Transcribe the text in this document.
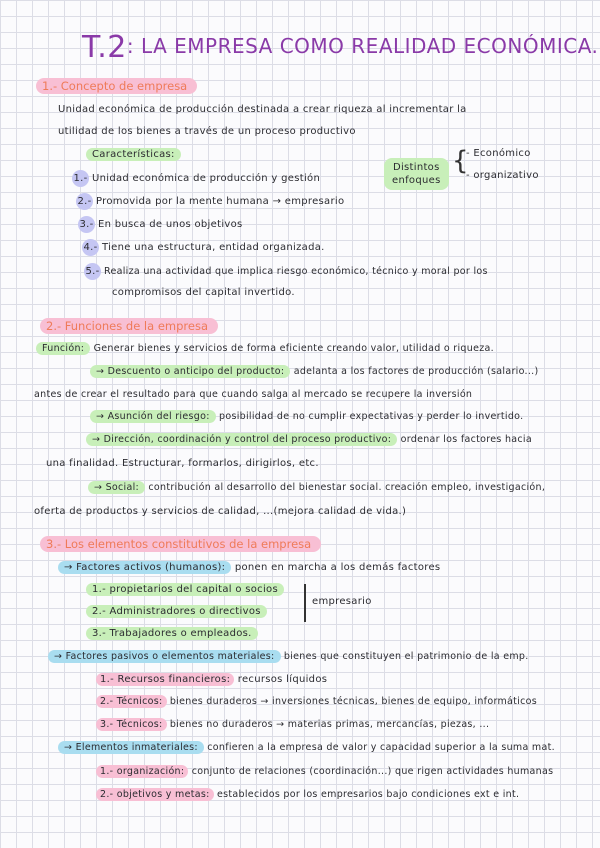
T.2: LA EMPRESA COMO REALIDAD ECONÓMICA.
1.- Concepto de empresa
Unidad económica de producción destinada a crear riqueza al incrementar la
utilidad de los bienes a través de un proceso productivo
Características:
1.- Unidad económica de producción y gestión
2.- Promovida por la mente humana → empresario
3.- En busca de unos objetivos
4.- Tiene una estructura, entidad organizada.
5.- Realiza una actividad que implica riesgo económico, técnico y moral por los
compromisos del capital invertido.
Distintos
enfoques
{
- Económico
- organizativo
2.- Funciones de la empresa
Función: Generar bienes y servicios de forma eficiente creando valor, utilidad o riqueza.
→ Descuento o anticipo del producto: adelanta a los factores de producción (salario...)
antes de crear el resultado para que cuando salga al mercado se recupere la inversión
→ Asunción del riesgo: posibilidad de no cumplir expectativas y perder lo invertido.
→ Dirección, coordinación y control del proceso productivo: ordenar los factores hacia
una finalidad. Estructurar, formarlos, dirigirlos, etc.
→ Social: contribución al desarrollo del bienestar social. creación empleo, investigación,
oferta de productos y servicios de calidad, ...(mejora calidad de vida.)
3.- Los elementos constitutivos de la empresa
→ Factores activos (humanos): ponen en marcha a los demás factores
1.- propietarios del capital o socios
2.- Administradores o directivos
3.- Trabajadores o empleados.
empresario
→ Factores pasivos o elementos materiales: bienes que constituyen el patrimonio de la emp.
1.- Recursos financieros: recursos líquidos
2.- Técnicos: bienes duraderos → inversiones técnicas, bienes de equipo, informáticos
3.- Técnicos: bienes no duraderos → materias primas, mercancías, piezas, ...
→ Elementos inmateriales: confieren a la empresa de valor y capacidad superior a la suma mat.
1.- organización: conjunto de relaciones (coordinación...) que rigen actividades humanas
2.- objetivos y metas: establecidos por los empresarios bajo condiciones ext e int.
